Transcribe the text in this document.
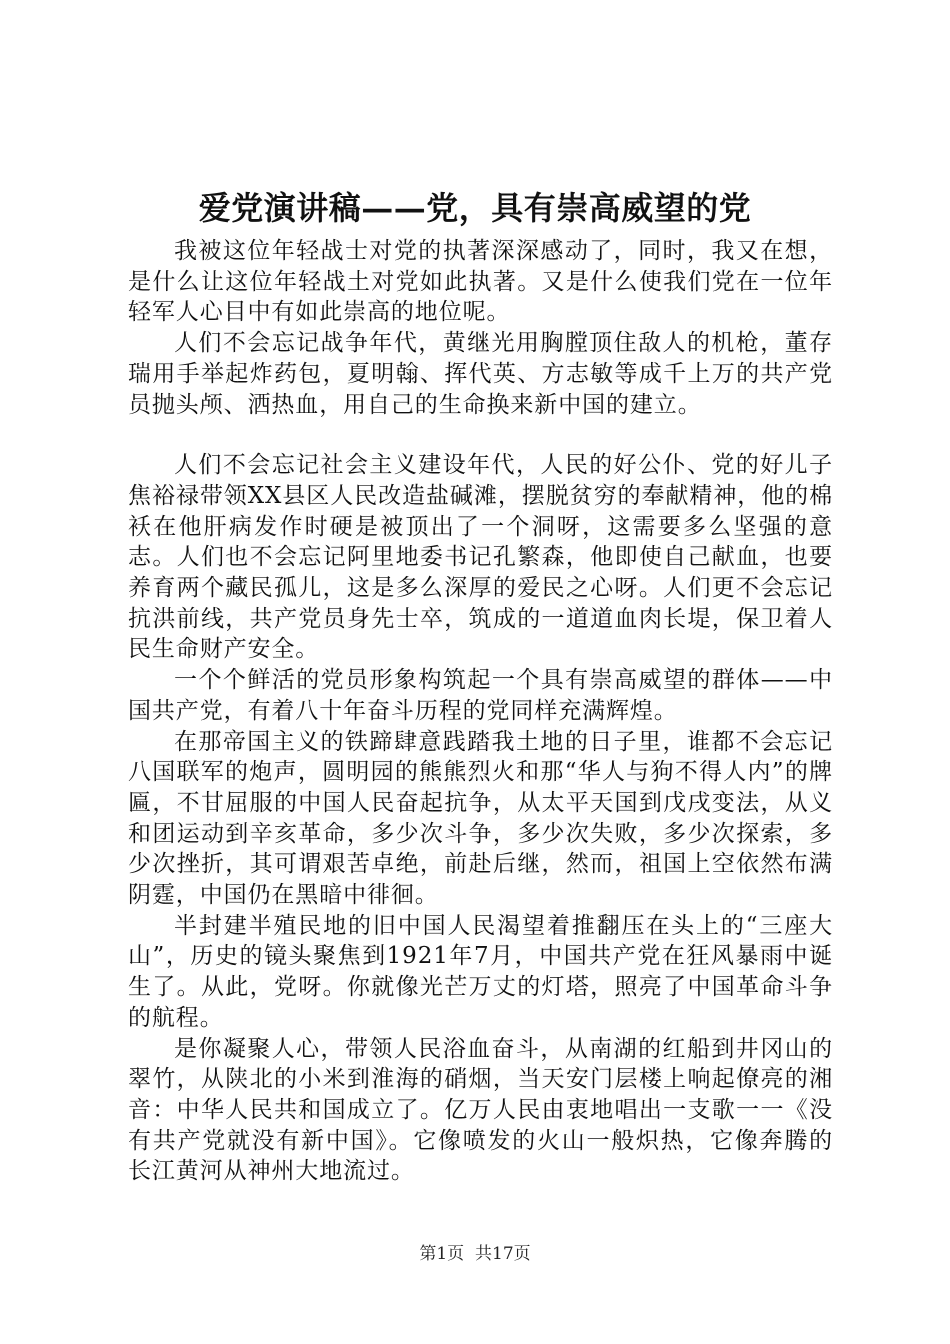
爱党演讲稿——党，具有崇高威望的党

我被这位年轻战士对党的执著深深感动了，同时，我又在想，是什么让这位年轻战土对党如此执著。又是什么使我们党在一位年轻军人心目中有如此崇高的地位呢。

人们不会忘记战争年代，黄继光用胸膛顶住敌人的机枪，董存瑞用手举起炸药包，夏明翰、挥代英、方志敏等成千上万的共产党员抛头颅、洒热血，用自己的生命换来新中国的建立。

人们不会忘记社会主义建设年代，人民的好公仆、党的好儿子焦裕禄带领XX县区人民改造盐碱滩，摆脱贫穷的奉献精神，他的棉袄在他肝病发作时硬是被顶出了一个洞呀，这需要多么坚强的意志。人们也不会忘记阿里地委书记孔繁森，他即使自己献血，也要养育两个藏民孤儿，这是多么深厚的爱民之心呀。人们更不会忘记抗洪前线，共产党员身先士卒，筑成的一道道血肉长堤，保卫着人民生命财产安全。

一个个鲜活的党员形象构筑起一个具有崇高威望的群体——中国共产党，有着八十年奋斗历程的党同样充满辉煌。

在那帝国主义的铁蹄肆意践踏我土地的日子里，谁都不会忘记八国联军的炮声，圆明园的熊熊烈火和那“华人与狗不得人内”的牌匾，不甘屈服的中国人民奋起抗争，从太平天国到戊戌变法，从义和团运动到辛亥革命，多少次斗争，多少次失败，多少次探索，多少次挫折，其可谓艰苦卓绝，前赴后继，然而，祖国上空依然布满阴霆，中国仍在黑暗中徘徊。

半封建半殖民地的旧中国人民渴望着推翻压在头上的“三座大山”，历史的镜头聚焦到1921年7月，中国共产党在狂风暴雨中诞生了。从此，党呀。你就像光芒万丈的灯塔，照亮了中国革命斗争的航程。

是你凝聚人心，带领人民浴血奋斗，从南湖的红船到井冈山的翠竹，从陕北的小米到淮海的硝烟，当天安门层楼上响起僚亮的湘音：中华人民共和国成立了。亿万人民由衷地唱出一支歌一一《没有共产党就没有新中国》。它像喷发的火山一般炽热，它像奔腾的长江黄河从神州大地流过。

第1页 共17页
